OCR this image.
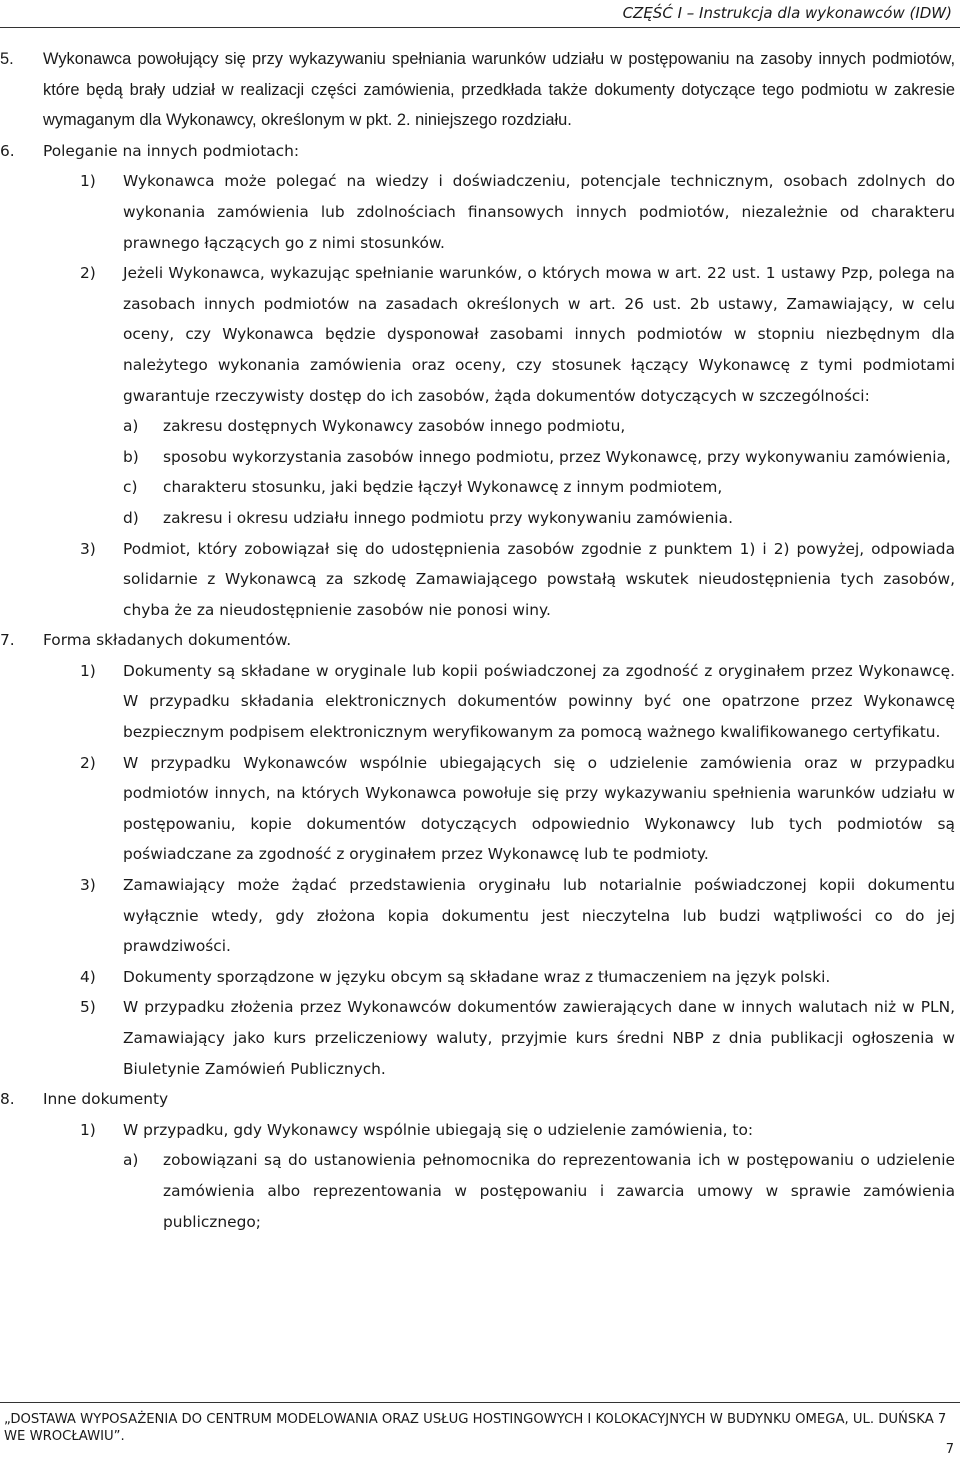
CZĘŚĆ I – Instrukcja dla wykonawców (IDW)
5. Wykonawca powołujący się przy wykazywaniu spełniania warunków udziału w postępowaniu na zasoby innych podmiotów, które będą brały udział w realizacji części zamówienia, przedkłada także dokumenty dotyczące tego podmiotu w zakresie wymaganym dla Wykonawcy, określonym w pkt. 2. niniejszego rozdziału.
6. Poleganie na innych podmiotach:
1) Wykonawca może polegać na wiedzy i doświadczeniu, potencjale technicznym, osobach zdolnych do wykonania zamówienia lub zdolnościach finansowych innych podmiotów, niezależnie od charakteru prawnego łączących go z nimi stosunków.
2) Jeżeli Wykonawca, wykazując spełnianie warunków, o których mowa w art. 22 ust. 1 ustawy Pzp, polega na zasobach innych podmiotów na zasadach określonych w art. 26 ust. 2b ustawy, Zamawiający, w celu oceny, czy Wykonawca będzie dysponował zasobami innych podmiotów w stopniu niezbędnym dla należytego wykonania zamówienia oraz oceny, czy stosunek łączący Wykonawcę z tymi podmiotami gwarantuje rzeczywisty dostęp do ich zasobów, żąda dokumentów dotyczących w szczególności:
a) zakresu dostępnych Wykonawcy zasobów innego podmiotu,
b) sposobu wykorzystania zasobów innego podmiotu, przez Wykonawcę, przy wykonywaniu zamówienia,
c) charakteru stosunku, jaki będzie łączył Wykonawcę z innym podmiotem,
d) zakresu i okresu udziału innego podmiotu przy wykonywaniu zamówienia.
3) Podmiot, który zobowiązał się do udostępnienia zasobów zgodnie z punktem 1) i 2) powyżej, odpowiada solidarnie z Wykonawcą za szkodę Zamawiającego powstałą wskutek nieudostępnienia tych zasobów, chyba że za nieudostępnienie zasobów nie ponosi winy.
7. Forma składanych dokumentów.
1) Dokumenty są składane w oryginale lub kopii poświadczonej za zgodność z oryginałem przez Wykonawcę. W przypadku składania elektronicznych dokumentów powinny być one opatrzone przez Wykonawcę bezpiecznym podpisem elektronicznym weryfikowanym za pomocą ważnego kwalifikowanego certyfikatu.
2) W przypadku Wykonawców wspólnie ubiegających się o udzielenie zamówienia oraz w przypadku podmiotów innych, na których Wykonawca powołuje się przy wykazywaniu spełnienia warunków udziału w postępowaniu, kopie dokumentów dotyczących odpowiednio Wykonawcy lub tych podmiotów są poświadczane za zgodność z oryginałem przez Wykonawcę lub te podmioty.
3) Zamawiający może żądać przedstawienia oryginału lub notarialnie poświadczonej kopii dokumentu wyłącznie wtedy, gdy złożona kopia dokumentu jest nieczytelna lub budzi wątpliwości co do jej prawdziwości.
4) Dokumenty sporządzone w języku obcym są składane wraz z tłumaczeniem na język polski.
5) W przypadku złożenia przez Wykonawców dokumentów zawierających dane w innych walutach niż w PLN, Zamawiający jako kurs przeliczeniowy waluty, przyjmie kurs średni NBP z dnia publikacji ogłoszenia w Biuletynie Zamówień Publicznych.
8. Inne dokumenty
1) W przypadku, gdy Wykonawcy wspólnie ubiegają się o udzielenie zamówienia, to:
a) zobowiązani są do ustanowienia pełnomocnika do reprezentowania ich w postępowaniu o udzielenie zamówienia albo reprezentowania w postępowaniu i zawarcia umowy w sprawie zamówienia publicznego;
„DOSTAWA WYPOSAŻENIA DO CENTRUM MODELOWANIA ORAZ USŁUG HOSTINGOWYCH I KOLOKACYJNYCH W BUDYNKU OMEGA, UL. DUŃSKA 7 WE WROCŁAWIU”.
7
